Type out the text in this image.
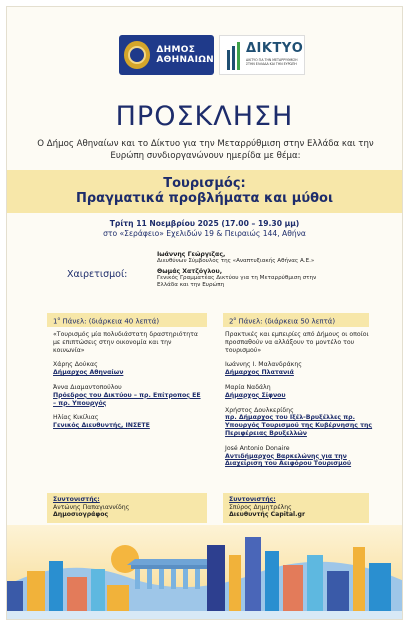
ΔΗΜΟΣ
ΑΘΗΝΑΙΩΝ
ΔΙΚΤΥΟ
ΔΙΚΤΥΟ ΓΙΑ ΤΗΝ ΜΕΤΑΡΡΥΘΜΙΣΗ ΣΤΗΝ ΕΛΛΑΔΑ ΚΑΙ ΤΗΝ ΕΥΡΩΠΗ
ΠΡΟΣΚΛΗΣΗ
Ο Δήμος Αθηναίων και το Δίκτυο για την Μεταρρύθμιση στην Ελλάδα και την Ευρώπη συνδιοργανώνουν ημερίδα με θέμα:
Τουρισμός:
Πραγματικά προβλήματα και μύθοι
Τρίτη 11 Νοεμβρίου 2025 (17.00 – 19.30 μμ)
στο «Σεράφειο» Εχελιδών 19 & Πειραιώς 144, Αθήνα
Χαιρετισμοί:
Ιωάννης Γεώργιζας,
Διευθύνων Σύμβουλος της «Αναπτυξιακής Αθήνας Α.Ε.»
Θωμάς Χατζόγλου,
Γενικός Γραμματέας Δικτύου για τη Μεταρρύθμιση στην Ελλάδα και την Ευρώπη
$1^o$ Πάνελ: (διάρκεια 40 λεπτά)	$2^o$ Πάνελ: (διάρκεια 50 λεπτά)
«Τουρισμός μία πολυδιάστατη δραστηριότητα με επιπτώσεις στην οικονομία και την κοινωνία»
Χάρης Δούκας
Δήμαρχος Αθηναίων
Άννα Διαμαντοπούλου
Πρόεδρος του Δικτύου – πρ. Επίτροπος ΕΕ – πρ. Υπουργός
Ηλίας Κικίλιας
Γενικός Διευθυντής, ΙΝΣΕΤΕ
Πρακτικές και εμπειρίες από Δήμους οι οποίοι προσπαθούν να αλλάξουν το μοντέλο του τουρισμού»
Ιωάννης Ι. Μαλανδράκης
Δήμαρχος Πλατανιά
Μαρία Ναδάλη
Δήμαρχος Σίφνου
Χρήστος Δουλκερίδης
πρ. Δήμαρχος του Ιξέλ-Βρυξέλλες πρ. Υπουργός Τουρισμού της Κυβέρνησης της Περιφέρειας Βρυξελλών
José Antonio Donaire
Αντιδήμαρχος Βαρκελώνης για την Διαχείριση του Αειφόρου Τουρισμού
Συντονιστής:
Αντώνης Παπαγιαννίδης
Δημοσιογράφος
Συντονιστής:
Σπύρος Δημητρέλης
Διευθυντής Capital.gr
